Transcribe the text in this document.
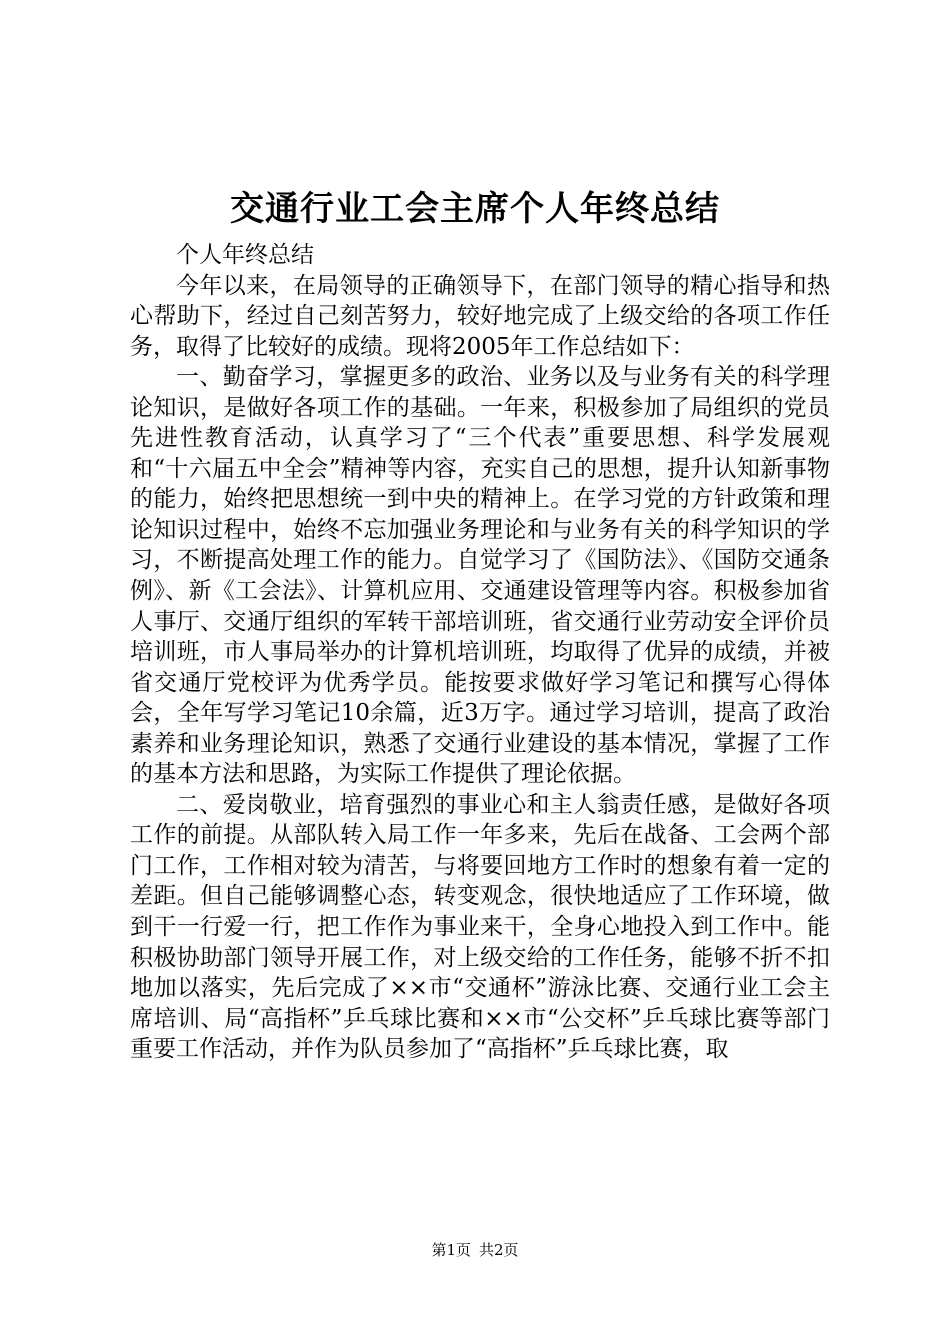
交通行业工会主席个人年终总结

个人年终总结

今年以来，在局领导的正确领导下，在部门领导的精心指导和热心帮助下，经过自己刻苦努力，较好地完成了上级交给的各项工作任务，取得了比较好的成绩。现将2005年工作总结如下：

一、勤奋学习，掌握更多的政治、业务以及与业务有关的科学理论知识，是做好各项工作的基础。一年来，积极参加了局组织的党员先进性教育活动，认真学习了“三个代表”重要思想、科学发展观和“十六届五中全会”精神等内容，充实自己的思想，提升认知新事物的能力，始终把思想统一到中央的精神上。在学习党的方针政策和理论知识过程中，始终不忘加强业务理论和与业务有关的科学知识的学习，不断提高处理工作的能力。自觉学习了《国防法》、《国防交通条例》、新《工会法》、计算机应用、交通建设管理等内容。积极参加省人事厅、交通厅组织的军转干部培训班，省交通行业劳动安全评价员培训班，市人事局举办的计算机培训班，均取得了优异的成绩，并被省交通厅党校评为优秀学员。能按要求做好学习笔记和撰写心得体会，全年写学习笔记10余篇，近3万字。通过学习培训，提高了政治素养和业务理论知识，熟悉了交通行业建设的基本情况，掌握了工作的基本方法和思路，为实际工作提供了理论依据。

二、爱岗敬业，培育强烈的事业心和主人翁责任感，是做好各项工作的前提。从部队转入局工作一年多来，先后在战备、工会两个部门工作，工作相对较为清苦，与将要回地方工作时的想象有着一定的差距。但自己能够调整心态，转变观念，很快地适应了工作环境，做到干一行爱一行，把工作作为事业来干，全身心地投入到工作中。能积极协助部门领导开展工作，对上级交给的工作任务，能够不折不扣地加以落实，先后完成了××市“交通杯”游泳比赛、交通行业工会主席培训、局“高指杯”乒乓球比赛和××市“公交杯”乒乓球比赛等部门重要工作活动，并作为队员参加了“高指杯”乒乓球比赛，取

第1页 共2页
